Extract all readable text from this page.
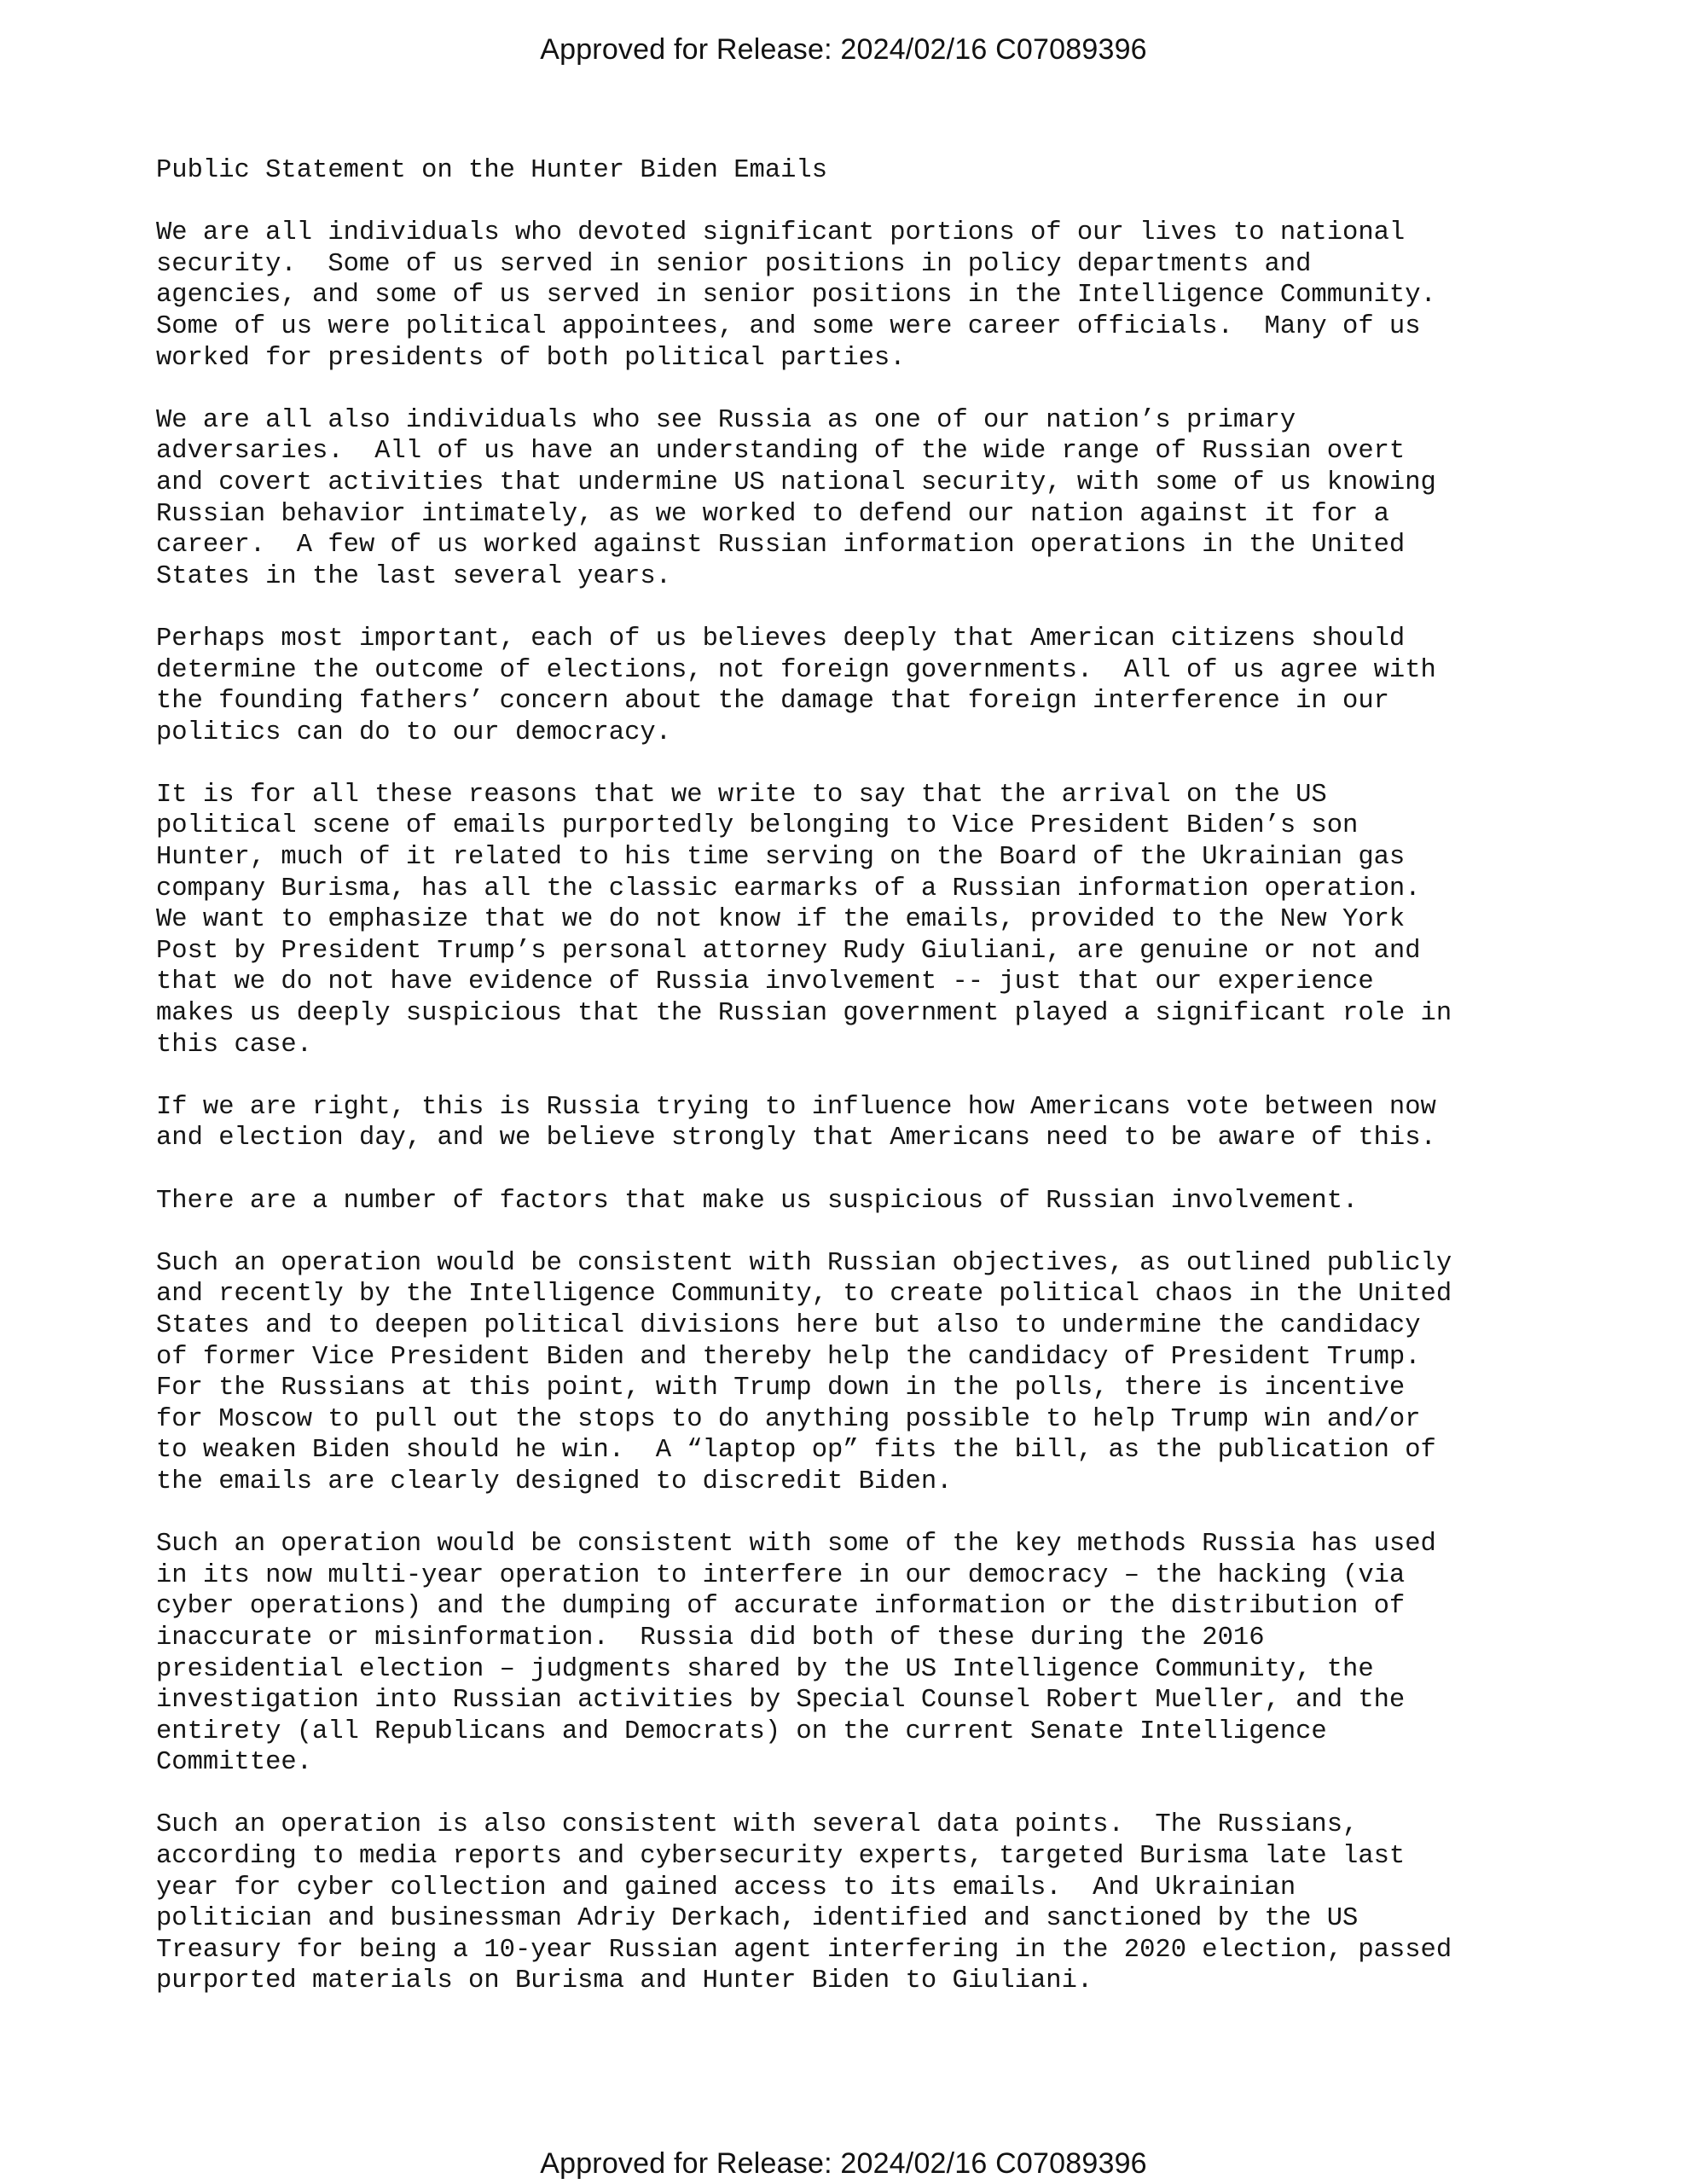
Approved for Release: 2024/02/16 C07089396
Public Statement on the Hunter Biden Emails
We are all individuals who devoted significant portions of our lives to national
security.  Some of us served in senior positions in policy departments and
agencies, and some of us served in senior positions in the Intelligence Community.
Some of us were political appointees, and some were career officials.  Many of us
worked for presidents of both political parties.
We are all also individuals who see Russia as one of our nation’s primary
adversaries.  All of us have an understanding of the wide range of Russian overt
and covert activities that undermine US national security, with some of us knowing
Russian behavior intimately, as we worked to defend our nation against it for a
career.  A few of us worked against Russian information operations in the United
States in the last several years.
Perhaps most important, each of us believes deeply that American citizens should
determine the outcome of elections, not foreign governments.  All of us agree with
the founding fathers’ concern about the damage that foreign interference in our
politics can do to our democracy.
It is for all these reasons that we write to say that the arrival on the US
political scene of emails purportedly belonging to Vice President Biden’s son
Hunter, much of it related to his time serving on the Board of the Ukrainian gas
company Burisma, has all the classic earmarks of a Russian information operation.
We want to emphasize that we do not know if the emails, provided to the New York
Post by President Trump’s personal attorney Rudy Giuliani, are genuine or not and
that we do not have evidence of Russia involvement -- just that our experience
makes us deeply suspicious that the Russian government played a significant role in
this case.
If we are right, this is Russia trying to influence how Americans vote between now
and election day, and we believe strongly that Americans need to be aware of this.
There are a number of factors that make us suspicious of Russian involvement.
Such an operation would be consistent with Russian objectives, as outlined publicly
and recently by the Intelligence Community, to create political chaos in the United
States and to deepen political divisions here but also to undermine the candidacy
of former Vice President Biden and thereby help the candidacy of President Trump.
For the Russians at this point, with Trump down in the polls, there is incentive
for Moscow to pull out the stops to do anything possible to help Trump win and/or
to weaken Biden should he win.  A “laptop op” fits the bill, as the publication of
the emails are clearly designed to discredit Biden.
Such an operation would be consistent with some of the key methods Russia has used
in its now multi-year operation to interfere in our democracy – the hacking (via
cyber operations) and the dumping of accurate information or the distribution of
inaccurate or misinformation.  Russia did both of these during the 2016
presidential election – judgments shared by the US Intelligence Community, the
investigation into Russian activities by Special Counsel Robert Mueller, and the
entirety (all Republicans and Democrats) on the current Senate Intelligence
Committee.
Such an operation is also consistent with several data points.  The Russians,
according to media reports and cybersecurity experts, targeted Burisma late last
year for cyber collection and gained access to its emails.  And Ukrainian
politician and businessman Adriy Derkach, identified and sanctioned by the US
Treasury for being a 10-year Russian agent interfering in the 2020 election, passed
purported materials on Burisma and Hunter Biden to Giuliani.
Approved for Release: 2024/02/16 C07089396
